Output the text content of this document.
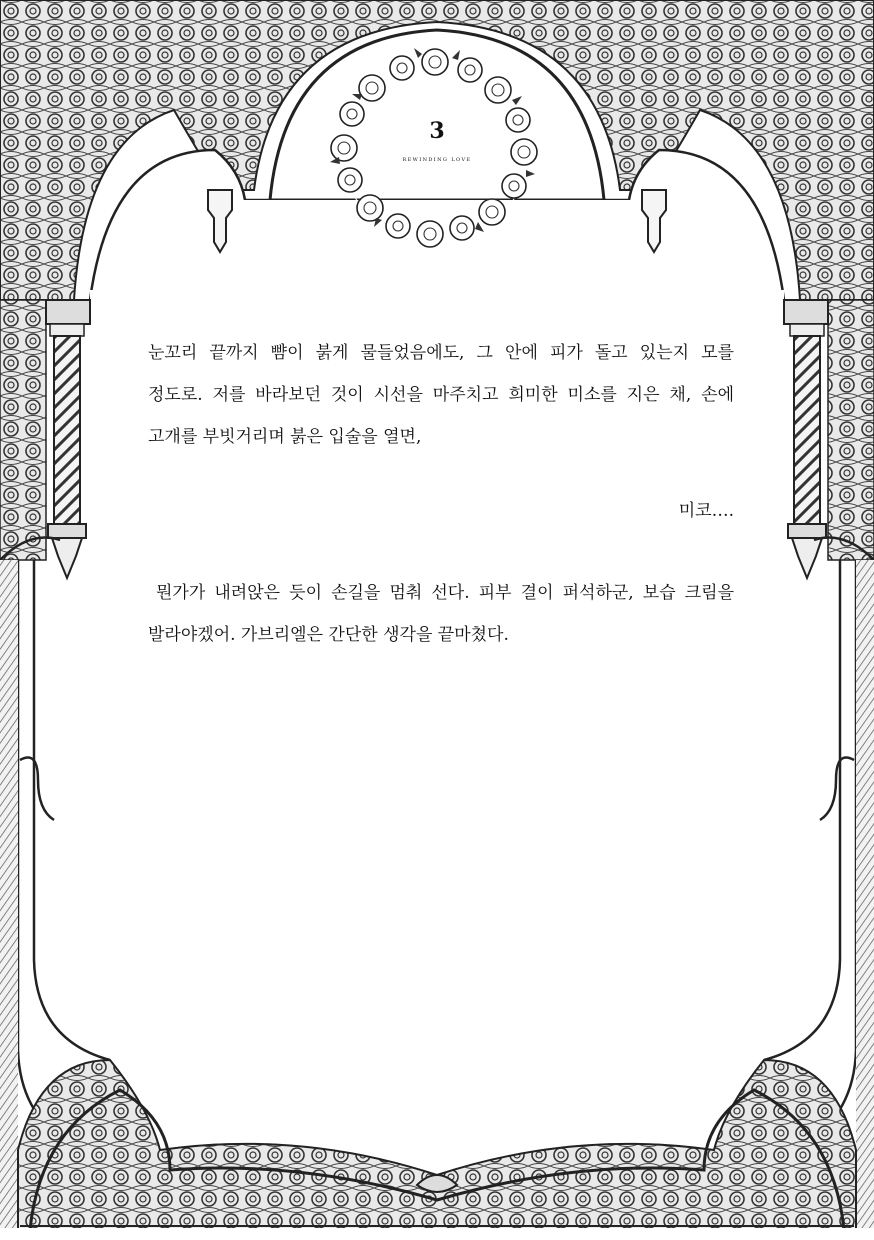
3
REWINDING LOVE

눈꼬리 끝까지 뺨이 붉게 물들었음에도, 그 안에 피가 돌고 있는지 모를
정도로. 저를 바라보던 것이 시선을 마주치고 희미한 미소를 지은 채, 손에
고개를 부빗거리며 붉은 입술을 열면,

미코….

뭔가가 내려앉은 듯이 손길을 멈춰 선다. 피부 결이 퍼석하군, 보습 크림을
발라야겠어. 가브리엘은 간단한 생각을 끝마쳤다.
